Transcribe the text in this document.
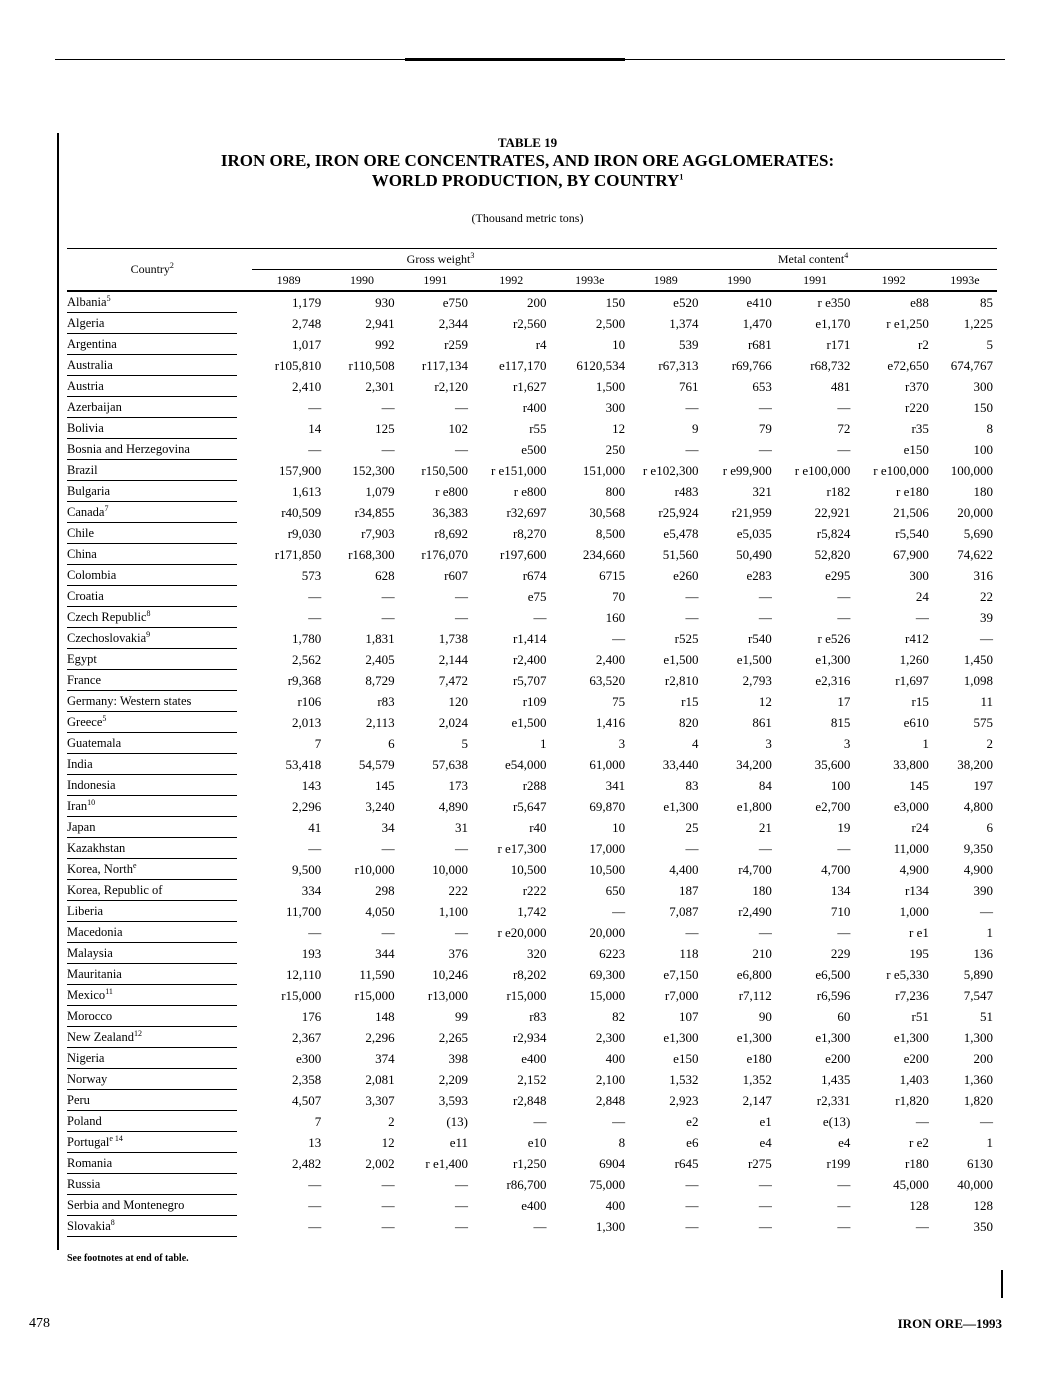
TABLE 19
IRON ORE, IRON ORE CONCENTRATES, AND IRON ORE AGGLOMERATES:
WORLD PRODUCTION, BY COUNTRY$^1$
(Thousand metric tons)
Country$^2$		Gross weight$^3$					Metal content$^4$
		1989	1990	1991	1992	1993e	1989	1990	1991	1992	1993e
Albania$^5$		1,179	930	e750	200	150	e520	e410	r e350	e88	85
Algeria		2,748	2,941	2,344	r2,560	2,500	1,374	1,470	e1,170	r e1,250	1,225
Argentina		1,017	992	r259	r4	10	539	r681	r171	r2	5
Australia		r105,810	r110,508	r117,134	e117,170	6120,534	r67,313	r69,766	r68,732	e72,650	674,767
Austria		2,410	2,301	r2,120	r1,627	1,500	761	653	481	r370	300
Azerbaijan		—	—	—	r400	300	—	—	—	r220	150
Bolivia		14	125	102	r55	12	9	79	72	r35	8
Bosnia and Herzegovina		—	—	—	e500	250	—	—	—	e150	100
Brazil		157,900	152,300	r150,500	r e151,000	151,000	r e102,300	r e99,900	r e100,000	r e100,000	100,000
Bulgaria		1,613	1,079	r e800	r e800	800	r483	321	r182	r e180	180
Canada$^7$		r40,509	r34,855	36,383	r32,697	30,568	r25,924	r21,959	22,921	21,506	20,000
Chile		r9,030	r7,903	r8,692	r8,270	8,500	e5,478	e5,035	r5,824	r5,540	5,690
China		r171,850	r168,300	r176,070	r197,600	234,660	51,560	50,490	52,820	67,900	74,622
Colombia		573	628	r607	r674	6715	e260	e283	e295	300	316
Croatia		—	—	—	e75	70	—	—	—	24	22
Czech Republic$^8$		—	—	—	—	160	—	—	—	—	39
Czechoslovakia$^9$		1,780	1,831	1,738	r1,414	—	r525	r540	r e526	r412	—
Egypt		2,562	2,405	2,144	r2,400	2,400	e1,500	e1,500	e1,300	1,260	1,450
France		r9,368	8,729	7,472	r5,707	63,520	r2,810	2,793	e2,316	r1,697	1,098
Germany: Western states		r106	r83	120	r109	75	r15	12	17	r15	11
Greece$^5$		2,013	2,113	2,024	e1,500	1,416	820	861	815	e610	575
Guatemala		7	6	5	1	3	4	3	3	1	2
India		53,418	54,579	57,638	e54,000	61,000	33,440	34,200	35,600	33,800	38,200
Indonesia		143	145	173	r288	341	83	84	100	145	197
Iran$^{10}$		2,296	3,240	4,890	r5,647	69,870	e1,300	e1,800	e2,700	e3,000	4,800
Japan		41	34	31	r40	10	25	21	19	r24	6
Kazakhstan		—	—	—	r e17,300	17,000	—	—	—	11,000	9,350
Korea, North$^e$		9,500	r10,000	10,000	10,500	10,500	4,400	r4,700	4,700	4,900	4,900
Korea, Republic of		334	298	222	r222	650	187	180	134	r134	390
Liberia		11,700	4,050	1,100	1,742	—	7,087	r2,490	710	1,000	—
Macedonia		—	—	—	r e20,000	20,000	—	—	—	r e1	1
Malaysia		193	344	376	320	6223	118	210	229	195	136
Mauritania		12,110	11,590	10,246	r8,202	69,300	e7,150	e6,800	e6,500	r e5,330	5,890
Mexico$^{11}$		r15,000	r15,000	r13,000	r15,000	15,000	r7,000	r7,112	r6,596	r7,236	7,547
Morocco		176	148	99	r83	82	107	90	60	r51	51
New Zealand$^{12}$		2,367	2,296	2,265	r2,934	2,300	e1,300	e1,300	e1,300	e1,300	1,300
Nigeria		e300	374	398	e400	400	e150	e180	e200	e200	200
Norway		2,358	2,081	2,209	2,152	2,100	1,532	1,352	1,435	1,403	1,360
Peru		4,507	3,307	3,593	r2,848	2,848	2,923	2,147	r2,331	r1,820	1,820
Poland		7	2	(13)	—	—	e2	e1	e(13)	—	—
Portugal$^{e 14}$		13	12	e11	e10	8	e6	e4	e4	r e2	1
Romania		2,482	2,002	r e1,400	r1,250	6904	r645	r275	r199	r180	6130
Russia		—	—	—	r86,700	75,000	—	—	—	45,000	40,000
Serbia and Montenegro		—	—	—	e400	400	—	—	—	128	128
Slovakia$^8$		—	—	—	—	1,300	—	—	—	—	350
See footnotes at end of table.
478	IRON ORE—1993
